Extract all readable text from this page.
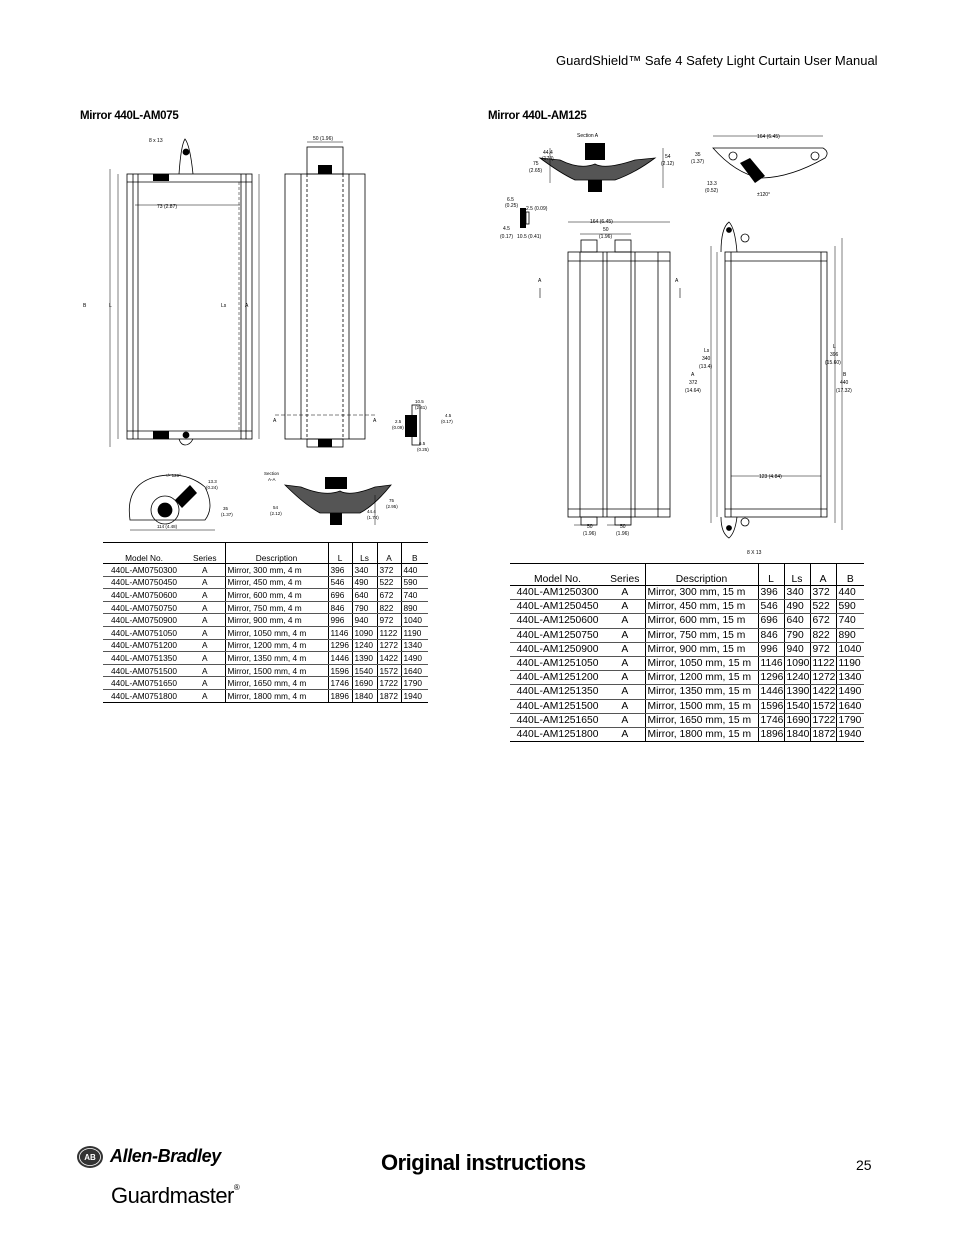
GuardShield™ Safe 4 Safety Light Curtain User Manual
Mirror 440L-AM075	Mirror 440L-AM125
8 x 13
73 (2.87)
B	L	Ls	A
50 (1.96)
A	A
10.5
(2.41)
2.5
(0.09)
4.5
(0.17)
6.5
(0.25)
+/- 120°
13.3
(0.24)
35
(1.37)
114 (4.48)
Section
A-A
54
(2.12)	44.4
(1.74)
75
(2.95)
Section A
44.4
(174)
75
(2.65)
54
(2.12)
164 (6.45)
35
(1.37)
13.3
(0.52)
±120°
6.5
(0.25) 2.5 (0.09)
4.5
(0.17) 10.5 (0.41)
164 (6.45)
50
(1.96)
A	A
50
(1.96)
50
(1.96)
Ls
340
(13.4)
A
372
(14.64)
L
396
(15.60)
B
440
(17.32)
123 (4.84)
8 X 13
Model No.	Series	Description	L	Ls	A	B
440L-AM0750300	A	Mirror, 300 mm, 4 m	396	340	372	440
440L-AM0750450	A	Mirror, 450 mm, 4 m	546	490	522	590
440L-AM0750600	A	Mirror, 600 mm, 4 m	696	640	672	740
440L-AM0750750	A	Mirror, 750 mm, 4 m	846	790	822	890
440L-AM0750900	A	Mirror, 900 mm, 4 m	996	940	972	1040
440L-AM0751050	A	Mirror, 1050 mm, 4 m	1146	1090	1122	1190
440L-AM0751200	A	Mirror, 1200 mm, 4 m	1296	1240	1272	1340
440L-AM0751350	A	Mirror, 1350 mm, 4 m	1446	1390	1422	1490
440L-AM0751500	A	Mirror, 1500 mm, 4 m	1596	1540	1572	1640
440L-AM0751650	A	Mirror, 1650 mm, 4 m	1746	1690	1722	1790
440L-AM0751800	A	Mirror, 1800 mm, 4 m	1896	1840	1872	1940
Model No.	Series	Description	L	Ls	A	B
440L-AM1250300	A	Mirror, 300 mm, 15 m	396	340	372	440
440L-AM1250450	A	Mirror, 450 mm, 15 m	546	490	522	590
440L-AM1250600	A	Mirror, 600 mm, 15 m	696	640	672	740
440L-AM1250750	A	Mirror, 750 mm, 15 m	846	790	822	890
440L-AM1250900	A	Mirror, 900 mm, 15 m	996	940	972	1040
440L-AM1251050	A	Mirror, 1050 mm, 15 m	1146	1090	1122	1190
440L-AM1251200	A	Mirror, 1200 mm, 15 m	1296	1240	1272	1340
440L-AM1251350	A	Mirror, 1350 mm, 15 m	1446	1390	1422	1490
440L-AM1251500	A	Mirror, 1500 mm, 15 m	1596	1540	1572	1640
440L-AM1251650	A	Mirror, 1650 mm, 15 m	1746	1690	1722	1790
440L-AM1251800	A	Mirror, 1800 mm, 15 m	1896	1840	1872	1940
AB Allen-Bradley
Guardmaster®
Original instructions	25
